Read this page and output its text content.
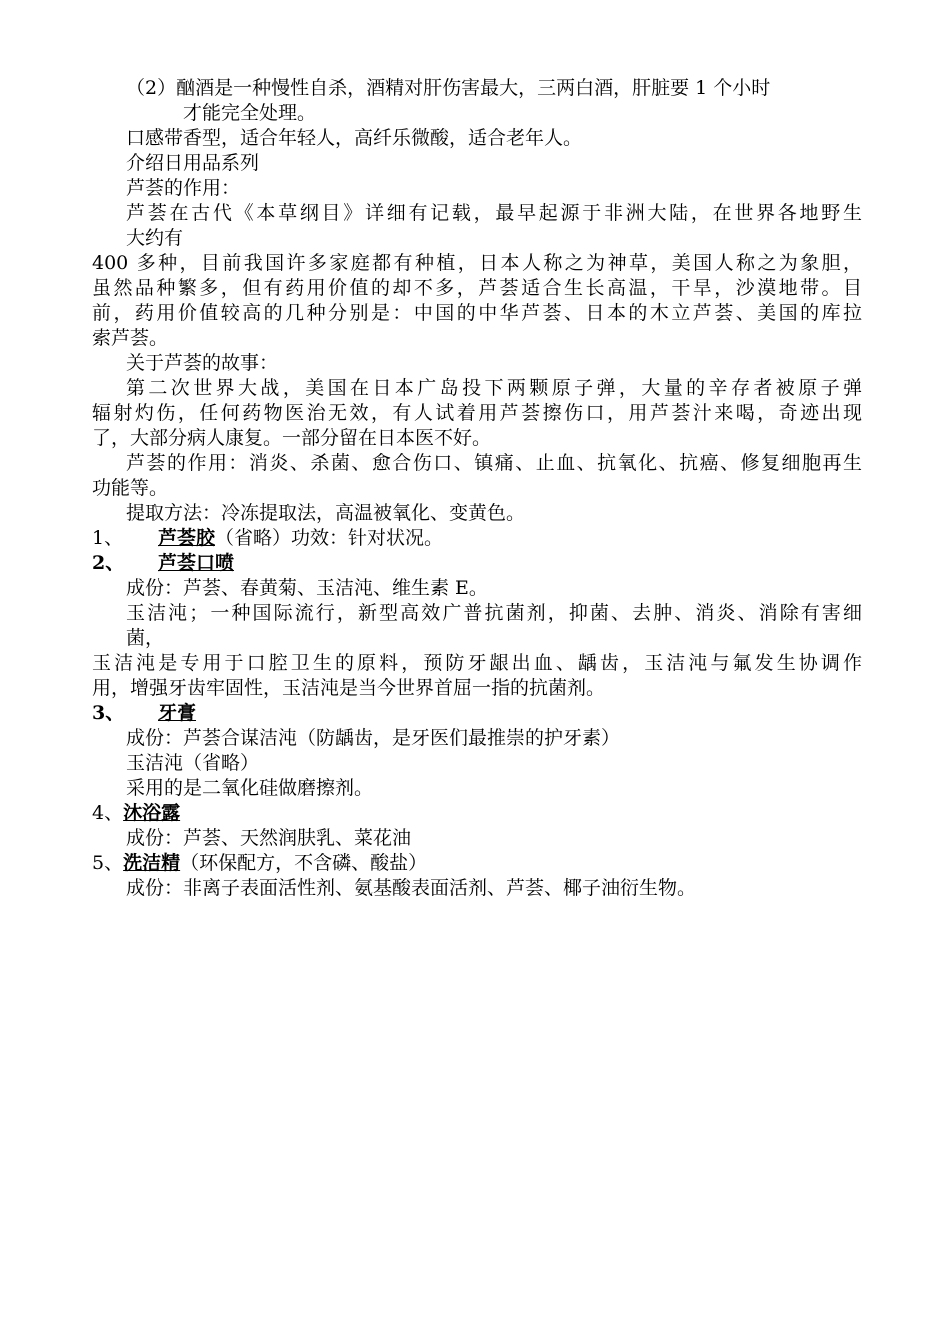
（2）酗酒是一种慢性自杀，酒精对肝伤害最大，三两白酒，肝脏要 1 个小时
才能完全处理。
口感带香型，适合年轻人，高纤乐微酸，适合老年人。
介绍日用品系列
芦荟的作用：
芦荟在古代《本草纲目》详细有记载，最早起源于非洲大陆，在世界各地野生
大约有
400 多种，目前我国许多家庭都有种植，日本人称之为神草，美国人称之为象胆，
虽然品种繁多，但有药用价值的却不多，芦荟适合生长高温，干旱，沙漠地带。目
前，药用价值较高的几种分别是：中国的中华芦荟、日本的木立芦荟、美国的库拉
索芦荟。
关于芦荟的故事：
第二次世界大战，美国在日本广岛投下两颗原子弹，大量的辛存者被原子弹
辐射灼伤，任何药物医治无效，有人试着用芦荟擦伤口，用芦荟汁来喝，奇迹出现
了，大部分病人康复。一部分留在日本医不好。
芦荟的作用：消炎、杀菌、愈合伤口、镇痛、止血、抗氧化、抗癌、修复细胞再生
功能等。
提取方法：冷冻提取法，高温被氧化、变黄色。
1、 芦荟胶（省略）功效：针对状况。
2、 芦荟口喷
成份：芦荟、春黄菊、玉洁沌、维生素 E。
玉洁沌；一种国际流行，新型高效广普抗菌剂，抑菌、去肿、消炎、消除有害细
菌，
玉洁沌是专用于口腔卫生的原料，预防牙龈出血、龋齿，玉洁沌与氟发生协调作
用，增强牙齿牢固性，玉洁沌是当今世界首屈一指的抗菌剂。
3、 牙膏
成份：芦荟合谋洁沌（防龋齿，是牙医们最推崇的护牙素）
玉洁沌（省略）
采用的是二氧化硅做磨擦剂。
4、沐浴露
成份：芦荟、天然润肤乳、菜花油
5、洗洁精（环保配方，不含磷、酸盐）
成份：非离子表面活性剂、氨基酸表面活剂、芦荟、椰子油衍生物。
